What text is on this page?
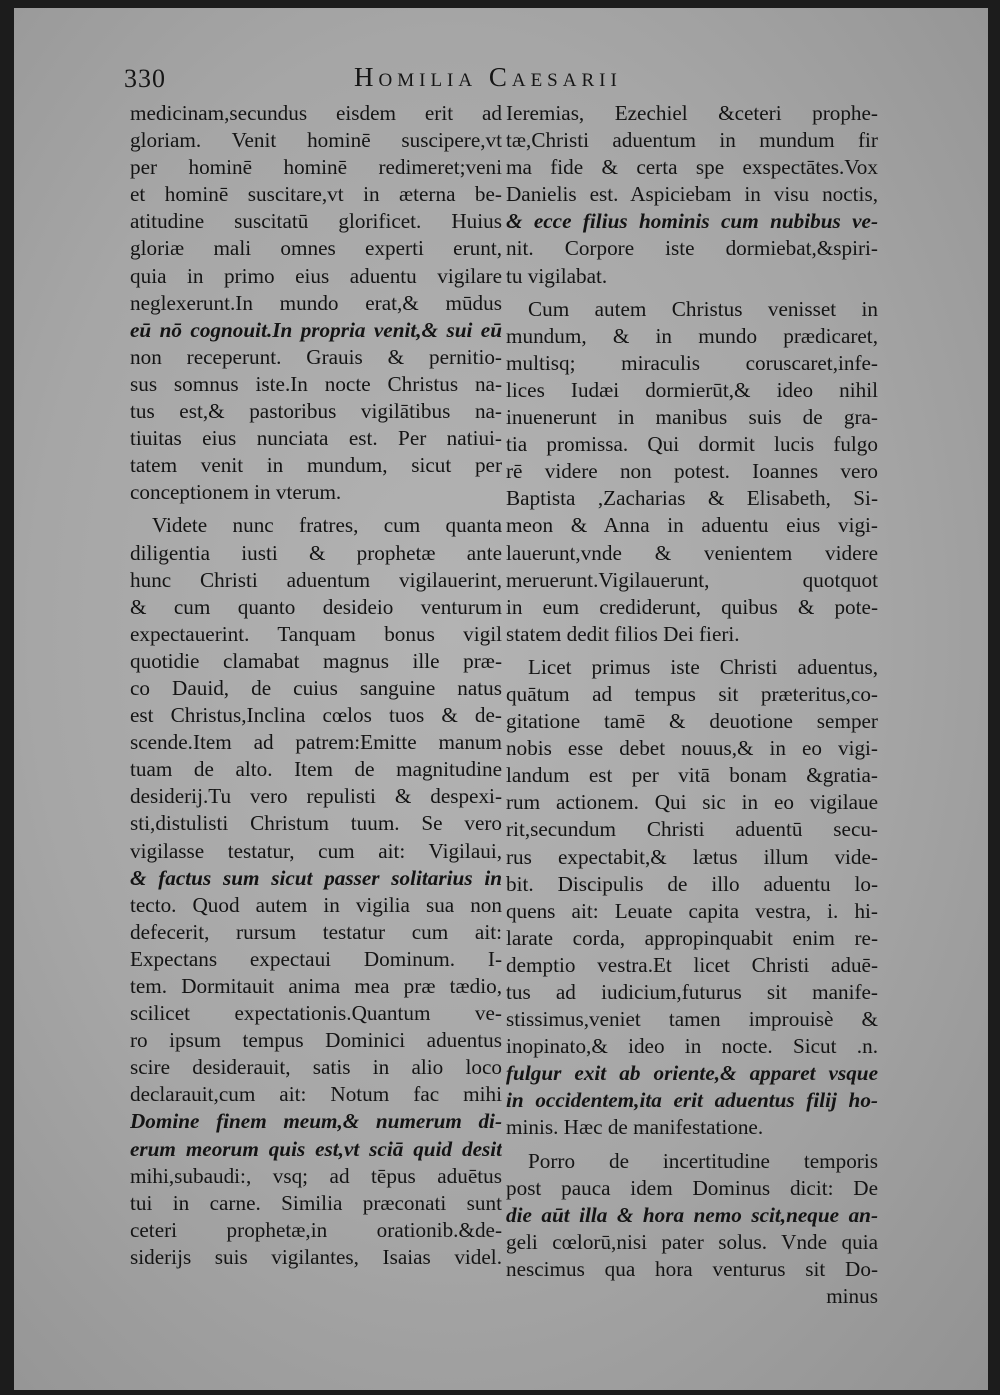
330	Homilia Caesarii
medicinam,secundus eisdem erit ad
gloriam. Venit hominē suscipere,vt
per hominē hominē redimeret;veni
et hominē suscitare,vt in æterna be-
atitudine suscitatū glorificet. Huius
gloriæ mali omnes experti erunt,
quia in primo eius aduentu vigilare
neglexerunt.In mundo erat,& mūdus
eū nō cognouit.In propria venit,& sui eū
non receperunt. Grauis & pernitio-
sus somnus iste.In nocte Christus na-
tus est,& pastoribus vigilātibus na-
tiuitas eius nunciata est. Per natiui-
tatem venit in mundum, sicut per
conceptionem in vterum.
Videte nunc fratres, cum quanta
diligentia iusti & prophetæ ante
hunc Christi aduentum vigilauerint,
& cum quanto desideio venturum
expectauerint. Tanquam bonus vigil
quotidie clamabat magnus ille præ-
co Dauid, de cuius sanguine natus
est Christus,Inclina cœlos tuos & de-
scende.Item ad patrem:Emitte manum
tuam de alto. Item de magnitudine
desiderij.Tu vero repulisti & despexi-
sti,distulisti Christum tuum. Se vero
vigilasse testatur, cum ait: Vigilaui,
& factus sum sicut passer solitarius in
tecto. Quod autem in vigilia sua non
defecerit, rursum testatur cum ait:
Expectans expectaui Dominum. I-
tem. Dormitauit anima mea præ tædio,
scilicet expectationis.Quantum ve-
ro ipsum tempus Dominici aduentus
scire desiderauit, satis in alio loco
declarauit,cum ait: Notum fac mihi
Domine finem meum,& numerum di-
erum meorum quis est,vt sciā quid desit
mihi,subaudi:, vsq; ad tēpus aduētus
tui in carne. Similia præconati sunt
ceteri prophetæ,in orationib.&de-
siderijs suis vigilantes, Isaias videl.
Ieremias, Ezechiel &ceteri prophe-
tæ,Christi aduentum in mundum fir
ma fide & certa spe exspectātes.Vox
Danielis est. Aspiciebam in visu noctis,
& ecce filius hominis cum nubibus ve-
nit. Corpore iste dormiebat,&spiri-
tu vigilabat.
Cum autem Christus venisset in
mundum, & in mundo prædicaret,
multisq; miraculis coruscaret,infe-
lices Iudæi dormierūt,& ideo nihil
inuenerunt in manibus suis de gra-
tia promissa. Qui dormit lucis fulgo
rē videre non potest. Ioannes vero
Baptista ,Zacharias & Elisabeth, Si-
meon & Anna in aduentu eius vigi-
lauerunt,vnde & venientem videre
meruerunt.Vigilauerunt, quotquot
in eum crediderunt, quibus & pote-
statem dedit filios Dei fieri.
Licet primus iste Christi aduentus,
quātum ad tempus sit præteritus,co-
gitatione tamē & deuotione semper
nobis esse debet nouus,& in eo vigi-
landum est per vitā bonam &gratia-
rum actionem. Qui sic in eo vigilaue
rit,secundum Christi aduentū secu-
rus expectabit,& lætus illum vide-
bit. Discipulis de illo aduentu lo-
quens ait: Leuate capita vestra, i. hi-
larate corda, appropinquabit enim re-
demptio vestra.Et licet Christi aduē-
tus ad iudicium,futurus sit manife-
stissimus,veniet tamen improuisè &
inopinato,& ideo in nocte. Sicut .n.
fulgur exit ab oriente,& apparet vsque
in occidentem,ita erit aduentus filij ho-
minis. Hæc de manifestatione.
Porro de incertitudine temporis
post pauca idem Dominus dicit: De
die aūt illa & hora nemo scit,neque an-
geli cœlorū,nisi pater solus. Vnde quia
nescimus qua hora venturus sit Do-
minus
